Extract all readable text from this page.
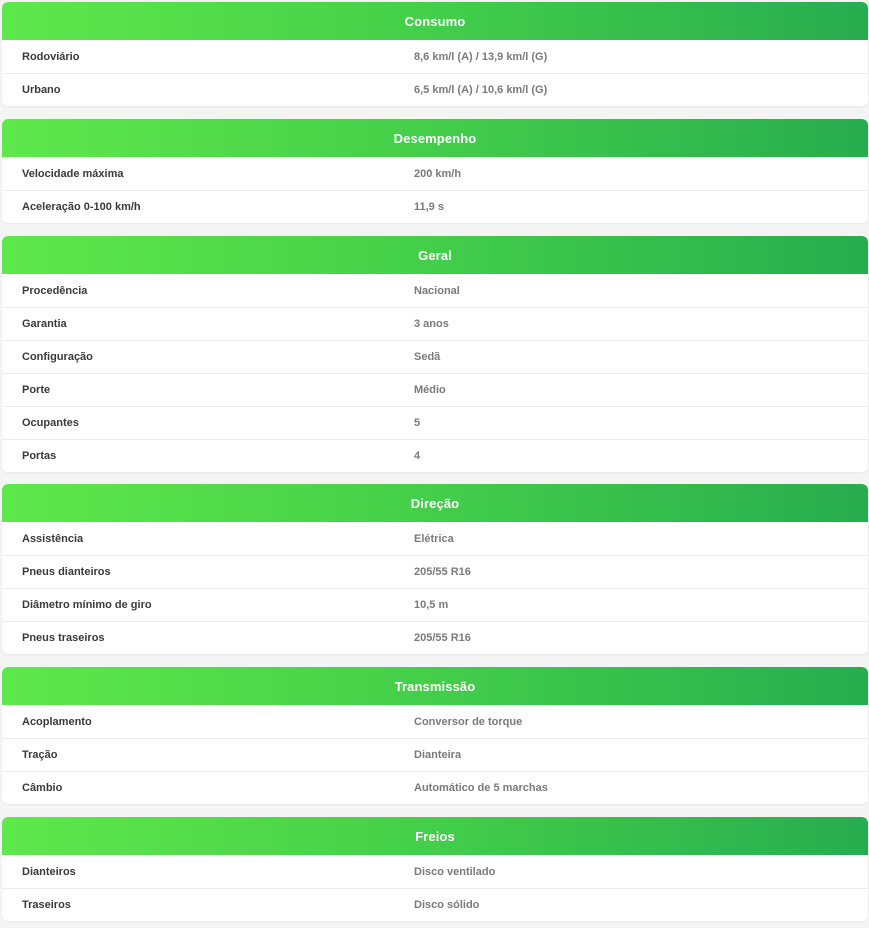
Consumo
Rodoviário	8,6 km/l (A) / 13,9 km/l (G)
Urbano	6,5 km/l (A) / 10,6 km/l (G)
Desempenho
Velocidade máxima	200 km/h
Aceleração 0-100 km/h	11,9 s
Geral
Procedência	Nacional
Garantia	3 anos
Configuração	Sedã
Porte	Médio
Ocupantes	5
Portas	4
Direção
Assistência	Elétrica
Pneus dianteiros	205/55 R16
Diâmetro mínimo de giro	10,5 m
Pneus traseiros	205/55 R16
Transmissão
Acoplamento	Conversor de torque
Tração	Dianteira
Câmbio	Automático de 5 marchas
Freios
Dianteiros	Disco ventilado
Traseiros	Disco sólido
